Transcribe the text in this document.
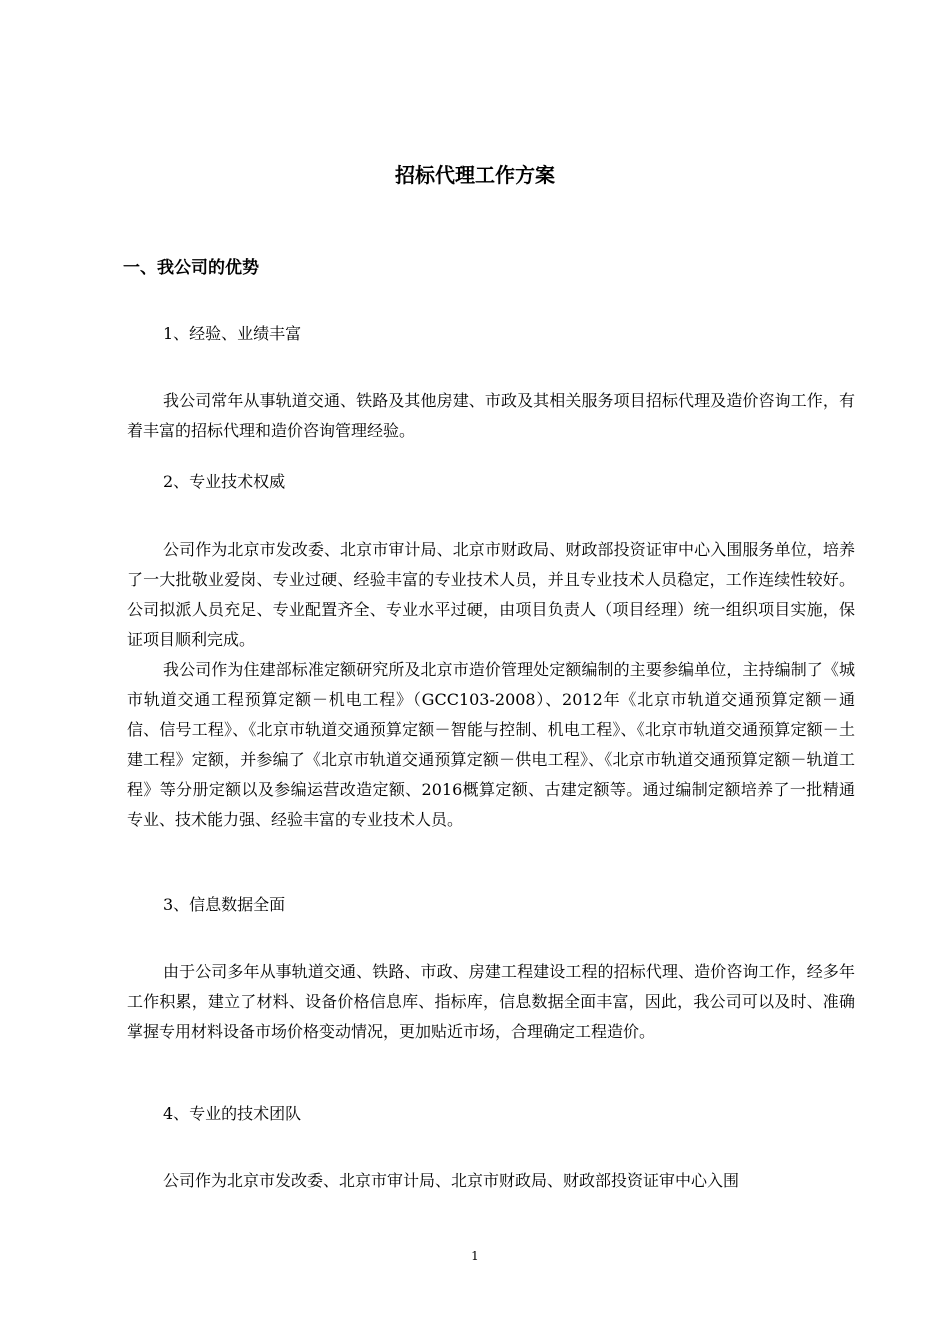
招标代理工作方案
一、我公司的优势
1、经验、业绩丰富
我公司常年从事轨道交通、铁路及其他房建、市政及其相关服务项目招标代理及造价咨询工作，有着丰富的招标代理和造价咨询管理经验。
2、专业技术权威
公司作为北京市发改委、北京市审计局、北京市财政局、财政部投资证审中心入围服务单位，培养了一大批敬业爱岗、专业过硬、经验丰富的专业技术人员，并且专业技术人员稳定，工作连续性较好。公司拟派人员充足、专业配置齐全、专业水平过硬，由项目负责人（项目经理）统一组织项目实施，保证项目顺利完成。
我公司作为住建部标准定额研究所及北京市造价管理处定额编制的主要参编单位，主持编制了《城市轨道交通工程预算定额－机电工程》（GCC103-2008）、2012年《北京市轨道交通预算定额－通信、信号工程》、《北京市轨道交通预算定额－智能与控制、机电工程》、《北京市轨道交通预算定额－土建工程》定额，并参编了《北京市轨道交通预算定额－供电工程》、《北京市轨道交通预算定额－轨道工程》等分册定额以及参编运营改造定额、2016概算定额、古建定额等。通过编制定额培养了一批精通专业、技术能力强、经验丰富的专业技术人员。
3、信息数据全面
由于公司多年从事轨道交通、铁路、市政、房建工程建设工程的招标代理、造价咨询工作，经多年工作积累，建立了材料、设备价格信息库、指标库，信息数据全面丰富，因此，我公司可以及时、准确掌握专用材料设备市场价格变动情况，更加贴近市场，合理确定工程造价。
4、专业的技术团队
公司作为北京市发改委、北京市审计局、北京市财政局、财政部投资证审中心入围
1
